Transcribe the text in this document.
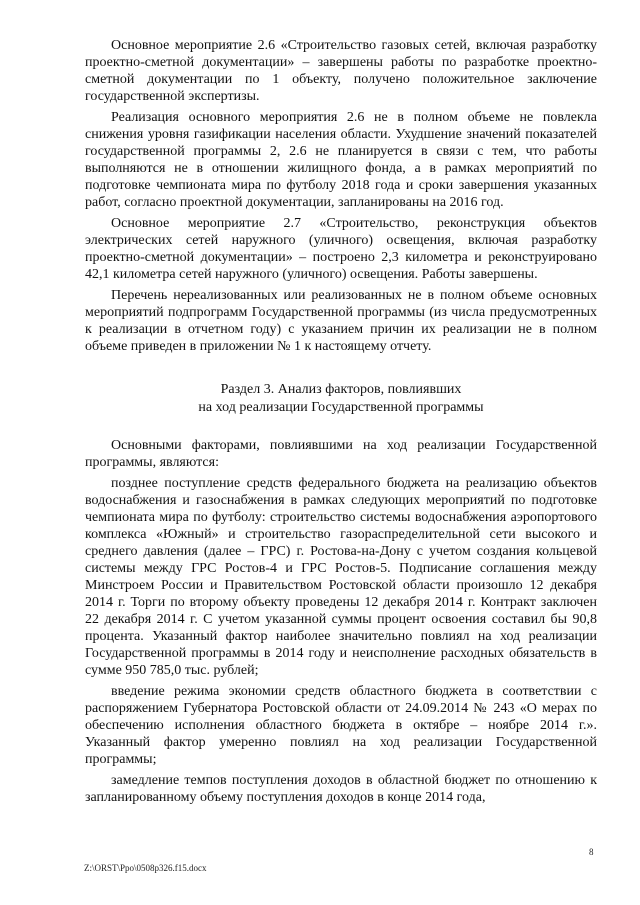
Основное мероприятие 2.6 «Строительство газовых сетей, включая разработку проектно-сметной документации» – завершены работы по разработке проектно-сметной документации по 1 объекту, получено положительное заключение государственной экспертизы.

Реализация основного мероприятия 2.6 не в полном объеме не повлекла снижения уровня газификации населения области. Ухудшение значений показателей государственной программы 2, 2.6 не планируется в связи с тем, что работы выполняются не в отношении жилищного фонда, а в рамках мероприятий по подготовке чемпионата мира по футболу 2018 года и сроки завершения указанных работ, согласно проектной документации, запланированы на 2016 год.

Основное мероприятие 2.7 «Строительство, реконструкция объектов электрических сетей наружного (уличного) освещения, включая разработку проектно-сметной документации» – построено 2,3 километра и реконструировано 42,1 километра сетей наружного (уличного) освещения. Работы завершены.

Перечень нереализованных или реализованных не в полном объеме основных мероприятий подпрограмм Государственной программы (из числа предусмотренных к реализации в отчетном году) с указанием причин их реализации не в полном объеме приведен в приложении № 1 к настоящему отчету.

Раздел 3. Анализ факторов, повлиявших
на ход реализации Государственной программы

Основными факторами, повлиявшими на ход реализации Государственной программы, являются:

позднее поступление средств федерального бюджета на реализацию объектов водоснабжения и газоснабжения в рамках следующих мероприятий по подготовке чемпионата мира по футболу: строительство системы водоснабжения аэропортового комплекса «Южный» и строительство газораспределительной сети высокого и среднего давления (далее – ГРС) г. Ростова-на-Дону с учетом создания кольцевой системы между ГРС Ростов-4 и ГРС Ростов-5. Подписание соглашения между Минстроем России и Правительством Ростовской области произошло 12 декабря 2014 г. Торги по второму объекту проведены 12 декабря 2014 г. Контракт заключен 22 декабря 2014 г. С учетом указанной суммы процент освоения составил бы 90,8 процента. Указанный фактор наиболее значительно повлиял на ход реализации Государственной программы в 2014 году и неисполнение расходных обязательств в сумме 950 785,0 тыс. рублей;

введение режима экономии средств областного бюджета в соответствии с распоряжением Губернатора Ростовской области от 24.09.2014 № 243 «О мерах по обеспечению исполнения областного бюджета в октябре – ноябре 2014 г.». Указанный фактор умеренно повлиял на ход реализации Государственной программы;

замедление темпов поступления доходов в областной бюджет по отношению к запланированному объему поступления доходов в конце 2014 года,

8
Z:\ORST\Ppo\0508p326.f15.docx
